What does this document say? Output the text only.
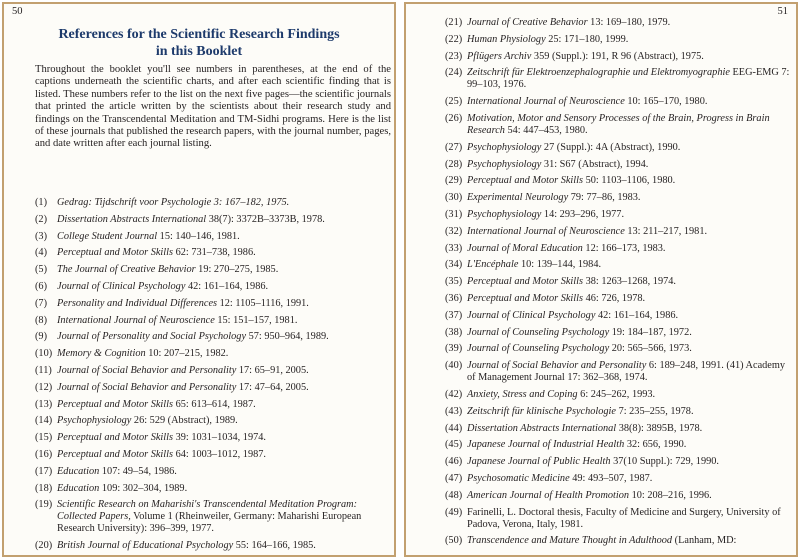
50
References for the Scientific Research Findings
in this Booklet
Throughout the booklet you'll see numbers in parentheses, at the end of the captions underneath the scientific charts, and after each scientific finding that is listed. These numbers refer to the list on the next five pages—the scientific journals that printed the article written by the scientists about their research study and findings on the Transcendental Meditation and TM-Sidhi programs. Here is the list of these journals that published the research papers, with the journal number, pages, and date written after each journal listing.
(1) Gedrag: Tijdschrift voor Psychologie 3: 167–182, 1975.
(2) Dissertation Abstracts International 38(7): 3372B–3373B, 1978.
(3) College Student Journal 15: 140–146, 1981.
(4) Perceptual and Motor Skills 62: 731–738, 1986.
(5) The Journal of Creative Behavior 19: 270–275, 1985.
(6) Journal of Clinical Psychology 42: 161–164, 1986.
(7) Personality and Individual Differences 12: 1105–1116, 1991.
(8) International Journal of Neuroscience 15: 151–157, 1981.
(9) Journal of Personality and Social Psychology 57: 950–964, 1989.
(10) Memory & Cognition 10: 207–215, 1982.
(11) Journal of Social Behavior and Personality 17: 65–91, 2005.
(12) Journal of Social Behavior and Personality 17: 47–64, 2005.
(13) Perceptual and Motor Skills 65: 613–614, 1987.
(14) Psychophysiology 26: 529 (Abstract), 1989.
(15) Perceptual and Motor Skills 39: 1031–1034, 1974.
(16) Perceptual and Motor Skills 64: 1003–1012, 1987.
(17) Education 107: 49–54, 1986.
(18) Education 109: 302–304, 1989.
(19) Scientific Research on Maharishi's Transcendental Meditation Program: Collected Papers, Volume 1 (Rheinweiler, Germany: Maharishi European Research University): 396–399, 1977.
(20) British Journal of Educational Psychology 55: 164–166, 1985.
51
(21) Journal of Creative Behavior 13: 169–180, 1979.
(22) Human Physiology 25: 171–180, 1999.
(23) Pflügers Archiv 359 (Suppl.): 191, R 96 (Abstract), 1975.
(24) Zeitschrift für Elektroenzephalographie und Elektromyographie EEG-EMG 7: 99–103, 1976.
(25) International Journal of Neuroscience 10: 165–170, 1980.
(26) Motivation, Motor and Sensory Processes of the Brain, Progress in Brain Research 54: 447–453, 1980.
(27) Psychophysiology 27 (Suppl.): 4A (Abstract), 1990.
(28) Psychophysiology 31: S67 (Abstract), 1994.
(29) Perceptual and Motor Skills 50: 1103–1106, 1980.
(30) Experimental Neurology 79: 77–86, 1983.
(31) Psychophysiology 14: 293–296, 1977.
(32) International Journal of Neuroscience 13: 211–217, 1981.
(33) Journal of Moral Education 12: 166–173, 1983.
(34) L'Encéphale 10: 139–144, 1984.
(35) Perceptual and Motor Skills 38: 1263–1268, 1974.
(36) Perceptual and Motor Skills 46: 726, 1978.
(37) Journal of Clinical Psychology 42: 161–164, 1986.
(38) Journal of Counseling Psychology 19: 184–187, 1972.
(39) Journal of Counseling Psychology 20: 565–566, 1973.
(40) Journal of Social Behavior and Personality 6: 189–248, 1991. (41) Academy of Management Journal 17: 362–368, 1974.
(42) Anxiety, Stress and Coping 6: 245–262, 1993.
(43) Zeitschrift für klinische Psychologie 7: 235–255, 1978.
(44) Dissertation Abstracts International 38(8): 3895B, 1978.
(45) Japanese Journal of Industrial Health 32: 656, 1990.
(46) Japanese Journal of Public Health 37(10 Suppl.): 729, 1990.
(47) Psychosomatic Medicine 49: 493–507, 1987.
(48) American Journal of Health Promotion 10: 208–216, 1996.
(49) Farinelli, L. Doctoral thesis, Faculty of Medicine and Surgery, University of Padova, Verona, Italy, 1981.
(50) Transcendence and Mature Thought in Adulthood (Lanham, MD:
